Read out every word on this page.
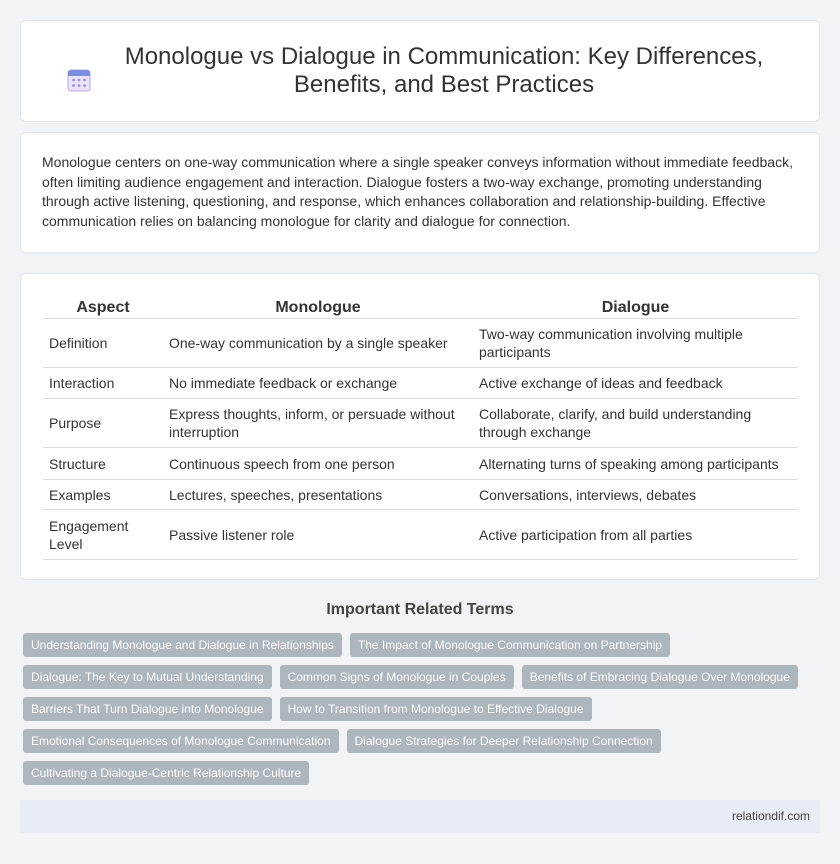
Monologue vs Dialogue in Communication: Key Differences, Benefits, and Best Practices

Monologue centers on one-way communication where a single speaker conveys information without immediate feedback, often limiting audience engagement and interaction. Dialogue fosters a two-way exchange, promoting understanding through active listening, questioning, and response, which enhances collaboration and relationship-building. Effective communication relies on balancing monologue for clarity and dialogue for connection.

Aspect	Monologue	Dialogue
Definition	One-way communication by a single speaker	Two-way communication involving multiple participants
Interaction	No immediate feedback or exchange	Active exchange of ideas and feedback
Purpose	Express thoughts, inform, or persuade without interruption	Collaborate, clarify, and build understanding through exchange
Structure	Continuous speech from one person	Alternating turns of speaking among participants
Examples	Lectures, speeches, presentations	Conversations, interviews, debates
Engagement Level	Passive listener role	Active participation from all parties
Important Related Terms
Understanding Monologue and Dialogue in Relationships	The Impact of Monologue Communication on Partnership
Dialogue: The Key to Mutual Understanding	Common Signs of Monologue in Couples	Benefits of Embracing Dialogue Over Monologue
Barriers That Turn Dialogue into Monologue	How to Transition from Monologue to Effective Dialogue
Emotional Consequences of Monologue Communication	Dialogue Strategies for Deeper Relationship Connection
Cultivating a Dialogue-Centric Relationship Culture
relationdif.com
